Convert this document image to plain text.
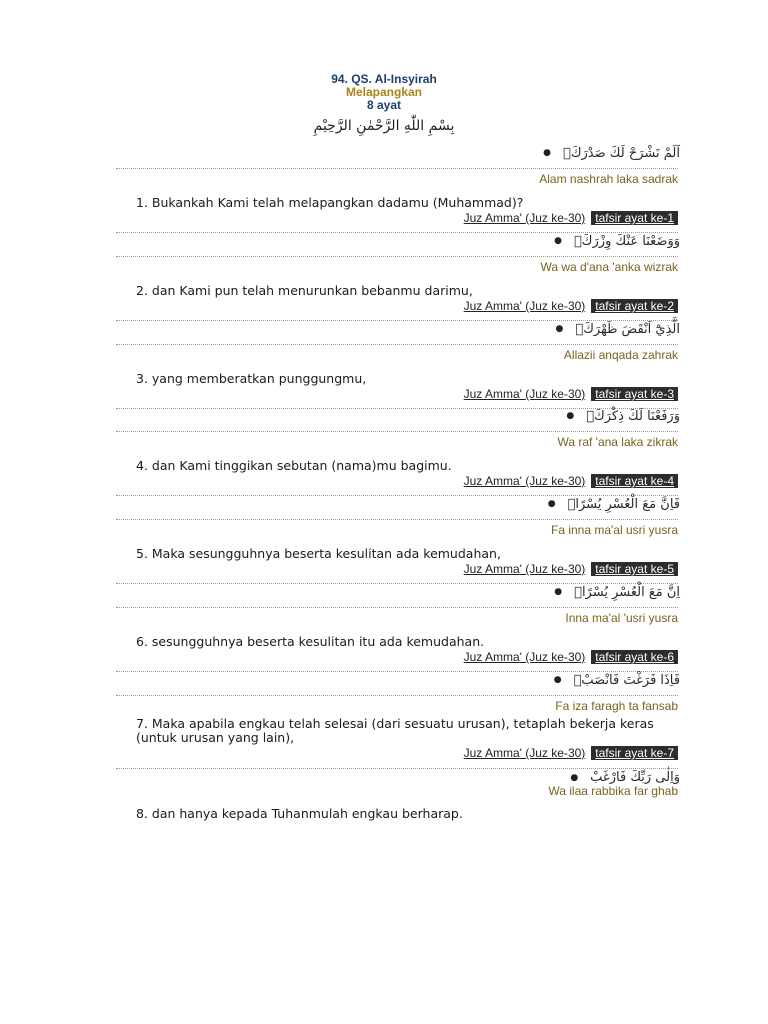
94. QS. Al-Insyirah
Melapangkan
8 ayat
بِسْمِ اللّٰهِ الرَّحْمٰنِ الرَّحِيْمِ
اَلَمْ نَشْرَحْ لَكَ صَدْرَكَۙ
●
Alam nashrah laka sadrak
1. Bukankah Kami telah melapangkan dadamu (Muhammad)?
Juz Amma' (Juz ke-30) tafsir ayat ke-1
وَوَضَعْنَا عَنْكَ وِزْرَكَۙ
●
Wa wa d'ana 'anka wizrak
2. dan Kami pun telah menurunkan bebanmu darimu,
Juz Amma' (Juz ke-30) tafsir ayat ke-2
الَّذِيْٓ اَنْقَضَ ظَهْرَكَۙ
●
Allazii anqada zahrak
3. yang memberatkan punggungmu,
Juz Amma' (Juz ke-30) tafsir ayat ke-3
وَرَفَعْنَا لَكَ ذِكْرَكَۗ
●
Wa raf 'ana laka zikrak
4. dan Kami tinggikan sebutan (nama)mu bagimu.
Juz Amma' (Juz ke-30) tafsir ayat ke-4
فَاِنَّ مَعَ الْعُسْرِ يُسْرًاۙ
●
Fa inna ma'al usri yusra
5. Maka sesungguhnya beserta kesulitan ada kemudahan,
Juz Amma' (Juz ke-30) tafsir ayat ke-5
اِنَّ مَعَ الْعُسْرِ يُسْرًاۗ
●
Inna ma'al 'usri yusra
6. sesungguhnya beserta kesulitan itu ada kemudahan.
Juz Amma' (Juz ke-30) tafsir ayat ke-6
فَاِذَا فَرَغْتَ فَانْصَبْۙ
●
Fa iza faragh ta fansab
7. Maka apabila engkau telah selesai (dari sesuatu urusan), tetaplah bekerja keras (untuk urusan yang lain),
Juz Amma' (Juz ke-30) tafsir ayat ke-7
وَاِلٰى رَبِّكَ فَارْغَبْ
●
Wa ilaa rabbika far ghab
8. dan hanya kepada Tuhanmulah engkau berharap.
